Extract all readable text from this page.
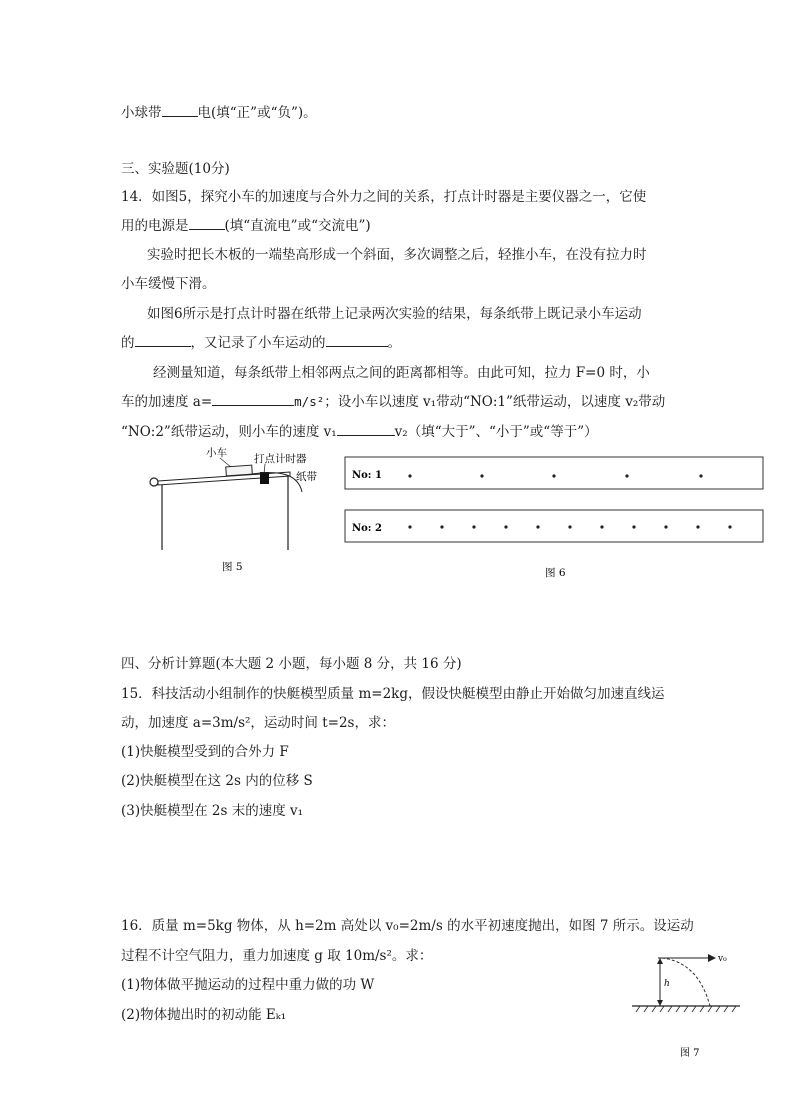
小球带	电(填“正”或“负”)。
三、实验题(10分)
14．如图5，探究小车的加速度与合外力之间的关系，打点计时器是主要仪器之一，它使
用的电源是	(填“直流电”或“交流电”)
实验时把长木板的一端垫高形成一个斜面，多次调整之后，轻推小车，在没有拉力时
小车缓慢下滑。
如图6所示是打点计时器在纸带上记录两次实验的结果，每条纸带上既记录小车运动
的	，又记录了小车运动的	。
经测量知道，每条纸带上相邻两点之间的距离都相等。由此可知，拉力 F=0 时，小
车的加速度 a=	m/s²；设小车以速度 v₁带动“NO:1”纸带运动，以速度 v₂带动
“NO:2”纸带运动，则小车的速度 v₁	v₂（填“大于”、“小于”或“等于”）
小车	打点计时器
纸带
图 5
No: 1
No: 2
图 6
四、分析计算题(本大题 2 小题，每小题 8 分，共 16 分)
15．科技活动小组制作的快艇模型质量 m=2kg，假设快艇模型由静止开始做匀加速直线运
动，加速度 a=3m/s²，运动时间 t=2s，求：
(1)快艇模型受到的合外力 F
(2)快艇模型在这 2s 内的位移 S
(3)快艇模型在 2s 末的速度 v₁
16．质量 m=5kg 物体，从 h=2m 高处以 v₀=2m/s 的水平初速度抛出，如图 7 所示。设运动
过程不计空气阻力，重力加速度 g 取 10m/s²。求：
(1)物体做平抛运动的过程中重力做的功 W
(2)物体抛出时的初动能 Eₖ₁
v₀
h
图 7
